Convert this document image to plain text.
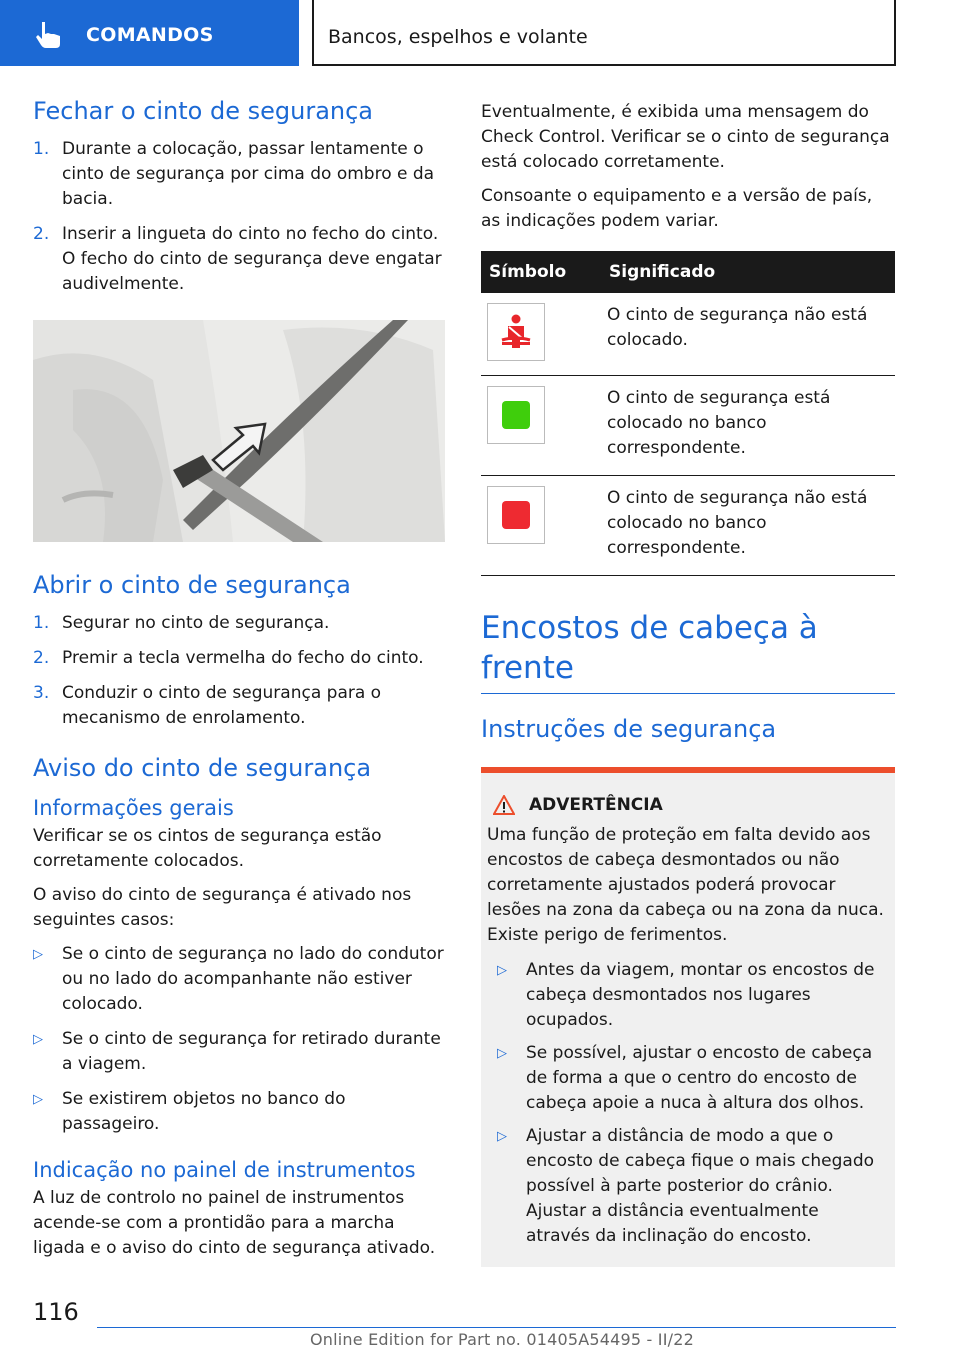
COMANDOS	Bancos, espelhos e volante
Fechar o cinto de segurança
1. Durante a colocação, passar lentamente o cinto de segurança por cima do ombro e da bacia.
2. Inserir a lingueta do cinto no fecho do cinto. O fecho do cinto de segurança deve engatar audivelmente.
Abrir o cinto de segurança
1. Segurar no cinto de segurança.
2. Premir a tecla vermelha do fecho do cinto.
3. Conduzir o cinto de segurança para o mecanismo de enrolamento.
Aviso do cinto de segurança
Informações gerais

Verificar se os cintos de segurança estão corretamente colocados.

O aviso do cinto de segurança é ativado nos seguintes casos:

▷	Se o cinto de segurança no lado do condutor ou no lado do acompanhante não estiver colocado.
▷	Se o cinto de segurança for retirado durante a viagem.
▷	Se existirem objetos no banco do passageiro.
Indicação no painel de instrumentos

A luz de controlo no painel de instrumentos acende-se com a prontidão para a marcha ligada e o aviso do cinto de segurança ativado.

Eventualmente, é exibida uma mensagem do Check Control. Verificar se o cinto de segurança está colocado corretamente.

Consoante o equipamento e a versão de país, as indicações podem variar.

Símbolo	Significado

	O cinto de segurança não está colocado.

	O cinto de segurança está colocado no banco correspondente.

	O cinto de segurança não está colocado no banco correspondente.
Encostos de cabeça à frente
Instruções de segurança
ADVERTÊNCIA

Uma função de proteção em falta devido aos encostos de cabeça desmontados ou não corretamente ajustados poderá provocar lesões na zona da cabeça ou na zona da nuca. Existe perigo de ferimentos.

▷	Antes da viagem, montar os encostos de cabeça desmontados nos lugares ocupados.
▷	Se possível, ajustar o encosto de cabeça de forma a que o centro do encosto de cabeça apoie a nuca à altura dos olhos.
▷	Ajustar a distância de modo a que o encosto de cabeça fique o mais chegado possível à parte posterior do crânio. Ajustar a distância eventualmente através da inclinação do encosto.
116
Online Edition for Part no. 01405A54495 - II/22
